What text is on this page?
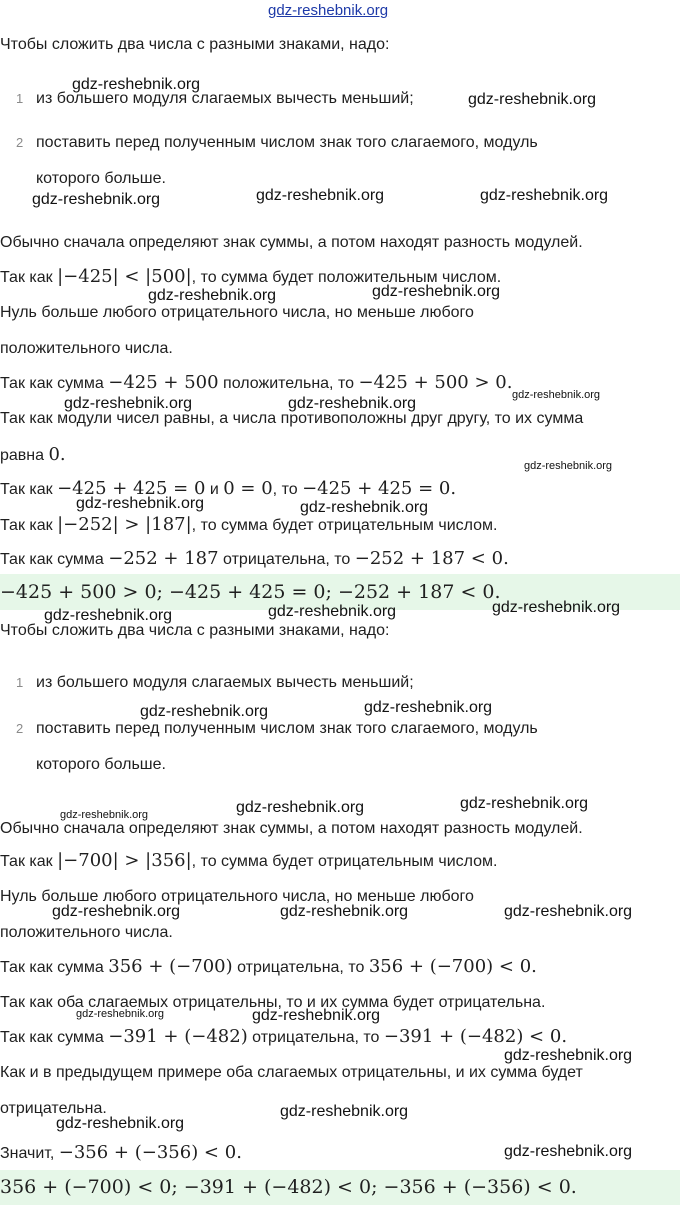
gdz-reshebnik.org
Чтобы сложить два числа с разными знаками, надо:
1 из большего модуля слагаемых вычесть меньший;
2 поставить перед полученным числом знак того слагаемого, модуль
которого больше.
Обычно сначала определяют знак суммы, а потом находят разность модулей.
Так как |−425| < |500|, то сумма будет положительным числом.
Нуль больше любого отрицательного числа, но меньше любого
положительного числа.
Так как сумма −425 + 500 положительна, то −425 + 500 > 0.
Так как модули чисел равны, а числа противоположны друг другу, то их сумма
равна 0.
Так как −425 + 425 = 0 и 0 = 0, то −425 + 425 = 0.
Так как |−252| > |187|, то сумма будет отрицательным числом.
Так как сумма −252 + 187 отрицательна, то −252 + 187 < 0.
−425 + 500 > 0; −425 + 425 = 0; −252 + 187 < 0.
Чтобы сложить два числа с разными знаками, надо:
1 из большего модуля слагаемых вычесть меньший;
2 поставить перед полученным числом знак того слагаемого, модуль
которого больше.
Обычно сначала определяют знак суммы, а потом находят разность модулей.
Так как |−700| > |356|, то сумма будет отрицательным числом.
Нуль больше любого отрицательного числа, но меньше любого
положительного числа.
Так как сумма 356 + (−700) отрицательна, то 356 + (−700) < 0.
Так как оба слагаемых отрицательны, то и их сумма будет отрицательна.
Так как сумма −391 + (−482) отрицательна, то −391 + (−482) < 0.
Как и в предыдущем примере оба слагаемых отрицательны, и их сумма будет
отрицательна.
Значит, −356 + (−356) < 0.
356 + (−700) < 0; −391 + (−482) < 0; −356 + (−356) < 0.
gdz-reshebnik.org
gdz-reshebnik.org
gdz-reshebnik.org	gdz-reshebnik.org	gdz-reshebnik.org
gdz-reshebnik.org	gdz-reshebnik.org
gdz-reshebnik.org	gdz-reshebnik.org	gdz-reshebnik.org
gdz-reshebnik.org
gdz-reshebnik.org	gdz-reshebnik.org
gdz-reshebnik.org	gdz-reshebnik.org	gdz-reshebnik.org
gdz-reshebnik.org	gdz-reshebnik.org
gdz-reshebnik.org	gdz-reshebnik.org	gdz-reshebnik.org
gdz-reshebnik.org	gdz-reshebnik.org	gdz-reshebnik.org
gdz-reshebnik.org	gdz-reshebnik.org
gdz-reshebnik.org
gdz-reshebnik.org
gdz-reshebnik.org
gdz-reshebnik.org
